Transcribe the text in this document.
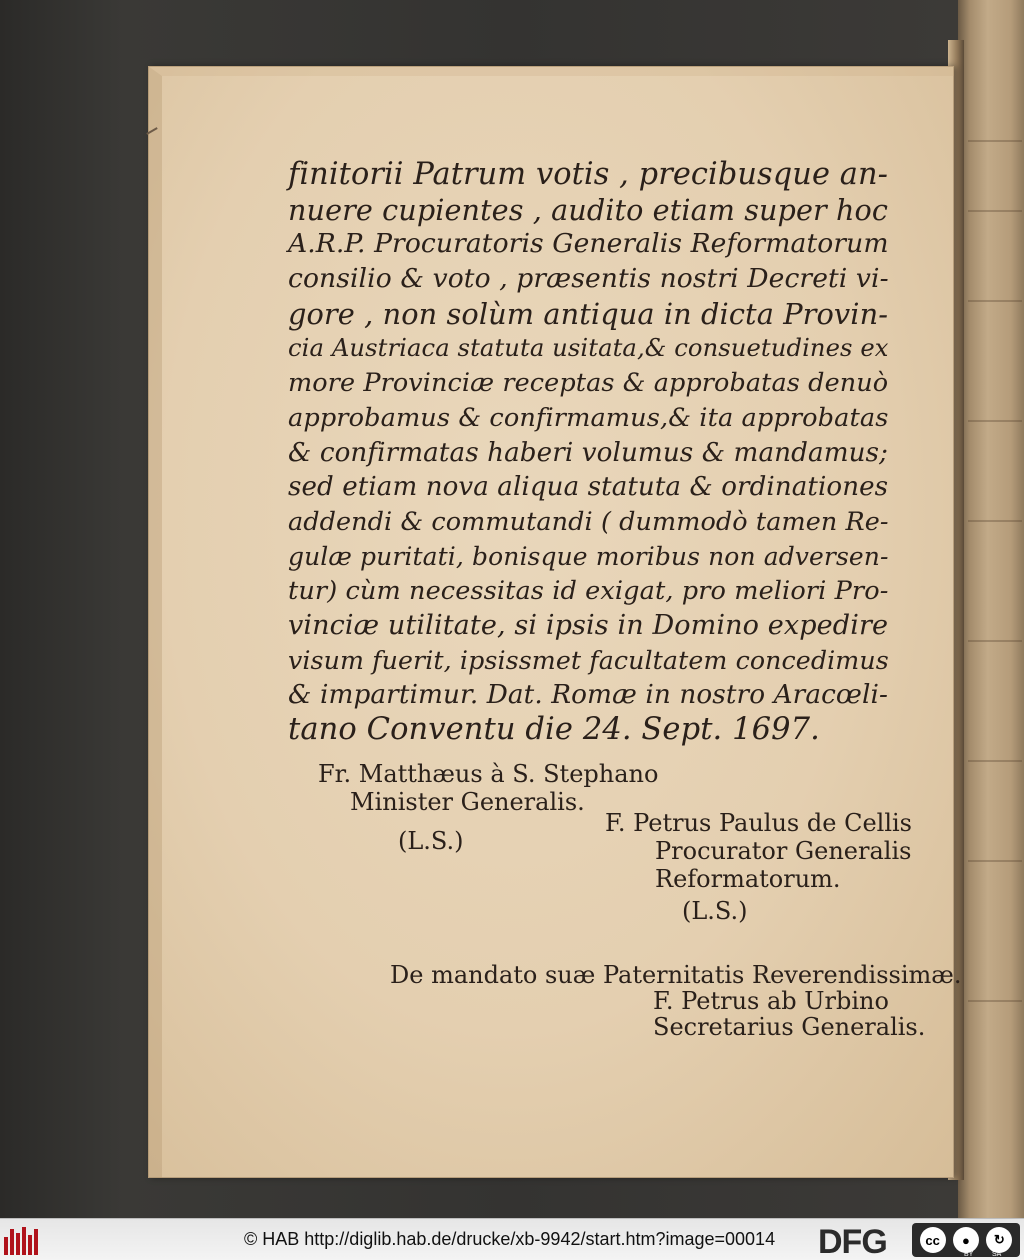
finitorii Patrum votis , precibusque an-
nuere cupientes , audito etiam super hoc
A.R.P. Procuratoris Generalis Reformatorum
consilio & voto , præsentis nostri Decreti vi-
gore , non solùm antiqua in dicta Provin-
cia Austriaca statuta usitata,& consuetudines ex
more Provinciæ receptas & approbatas denuò
approbamus & confirmamus,& ita approbatas
& confirmatas haberi volumus & mandamus;
sed etiam nova aliqua statuta & ordinationes
addendi & commutandi ( dummodò tamen Re-
gulæ puritati, bonisque moribus non adversen-
tur) cùm necessitas id exigat, pro meliori Pro-
vinciæ utilitate, si ipsis in Domino expedire
visum fuerit, ipsissmet facultatem concedimus
& impartimur. Dat. Romæ in nostro Aracœli-
tano Conventu die 24. Sept. 1697.
Fr. Matthæus à S. Stephano
Minister Generalis.
(L.S.)
F. Petrus Paulus de Cellis
Procurator Generalis
Reformatorum.
(L.S.)
De mandato suæ Paternitatis Reverendissimæ.
F. Petrus ab Urbino
Secretarius Generalis.
© HAB http://diglib.hab.de/drucke/xb-9942/start.htm?image=00014 DFG	cc	●	↻
BY	SA
